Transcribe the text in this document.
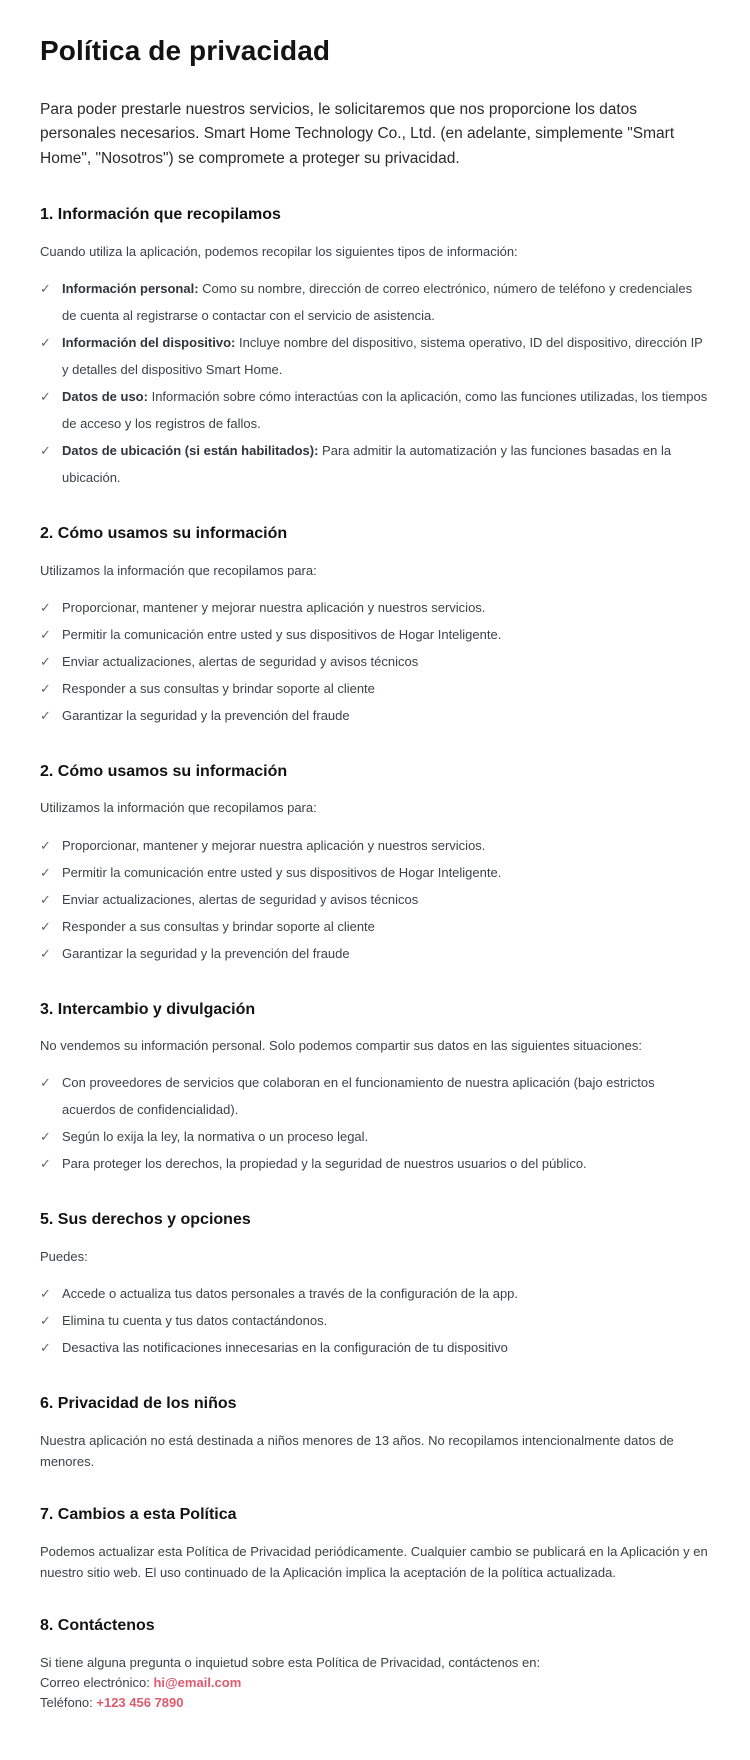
Política de privacidad

Para poder prestarle nuestros servicios, le solicitaremos que nos proporcione los datos personales necesarios. Smart Home Technology Co., Ltd. (en adelante, simplemente "Smart Home", "Nosotros") se compromete a proteger su privacidad.

1. Información que recopilamos

Cuando utiliza la aplicación, podemos recopilar los siguientes tipos de información:

✓ Información personal: Como su nombre, dirección de correo electrónico, número de teléfono y credenciales de cuenta al registrarse o contactar con el servicio de asistencia.
✓ Información del dispositivo: Incluye nombre del dispositivo, sistema operativo, ID del dispositivo, dirección IP y detalles del dispositivo Smart Home.
✓ Datos de uso: Información sobre cómo interactúas con la aplicación, como las funciones utilizadas, los tiempos de acceso y los registros de fallos.
✓ Datos de ubicación (si están habilitados): Para admitir la automatización y las funciones basadas en la ubicación.
2. Cómo usamos su información

Utilizamos la información que recopilamos para:

✓ Proporcionar, mantener y mejorar nuestra aplicación y nuestros servicios.
✓ Permitir la comunicación entre usted y sus dispositivos de Hogar Inteligente.
✓ Enviar actualizaciones, alertas de seguridad y avisos técnicos
✓ Responder a sus consultas y brindar soporte al cliente
✓ Garantizar la seguridad y la prevención del fraude
2. Cómo usamos su información

Utilizamos la información que recopilamos para:

✓ Proporcionar, mantener y mejorar nuestra aplicación y nuestros servicios.
✓ Permitir la comunicación entre usted y sus dispositivos de Hogar Inteligente.
✓ Enviar actualizaciones, alertas de seguridad y avisos técnicos
✓ Responder a sus consultas y brindar soporte al cliente
✓ Garantizar la seguridad y la prevención del fraude
3. Intercambio y divulgación

No vendemos su información personal. Solo podemos compartir sus datos en las siguientes situaciones:

✓ Con proveedores de servicios que colaboran en el funcionamiento de nuestra aplicación (bajo estrictos acuerdos de confidencialidad).
✓ Según lo exija la ley, la normativa o un proceso legal.
✓ Para proteger los derechos, la propiedad y la seguridad de nuestros usuarios o del público.
5. Sus derechos y opciones

Puedes:

✓ Accede o actualiza tus datos personales a través de la configuración de la app.
✓ Elimina tu cuenta y tus datos contactándonos.
✓ Desactiva las notificaciones innecesarias en la configuración de tu dispositivo
6. Privacidad de los niños

Nuestra aplicación no está destinada a niños menores de 13 años. No recopilamos intencionalmente datos de menores.

7. Cambios a esta Política

Podemos actualizar esta Política de Privacidad periódicamente. Cualquier cambio se publicará en la Aplicación y en nuestro sitio web. El uso continuado de la Aplicación implica la aceptación de la política actualizada.

8. Contáctenos

Si tiene alguna pregunta o inquietud sobre esta Política de Privacidad, contáctenos en:

Correo electrónico: hi@email.com

Teléfono: +123 456 7890
